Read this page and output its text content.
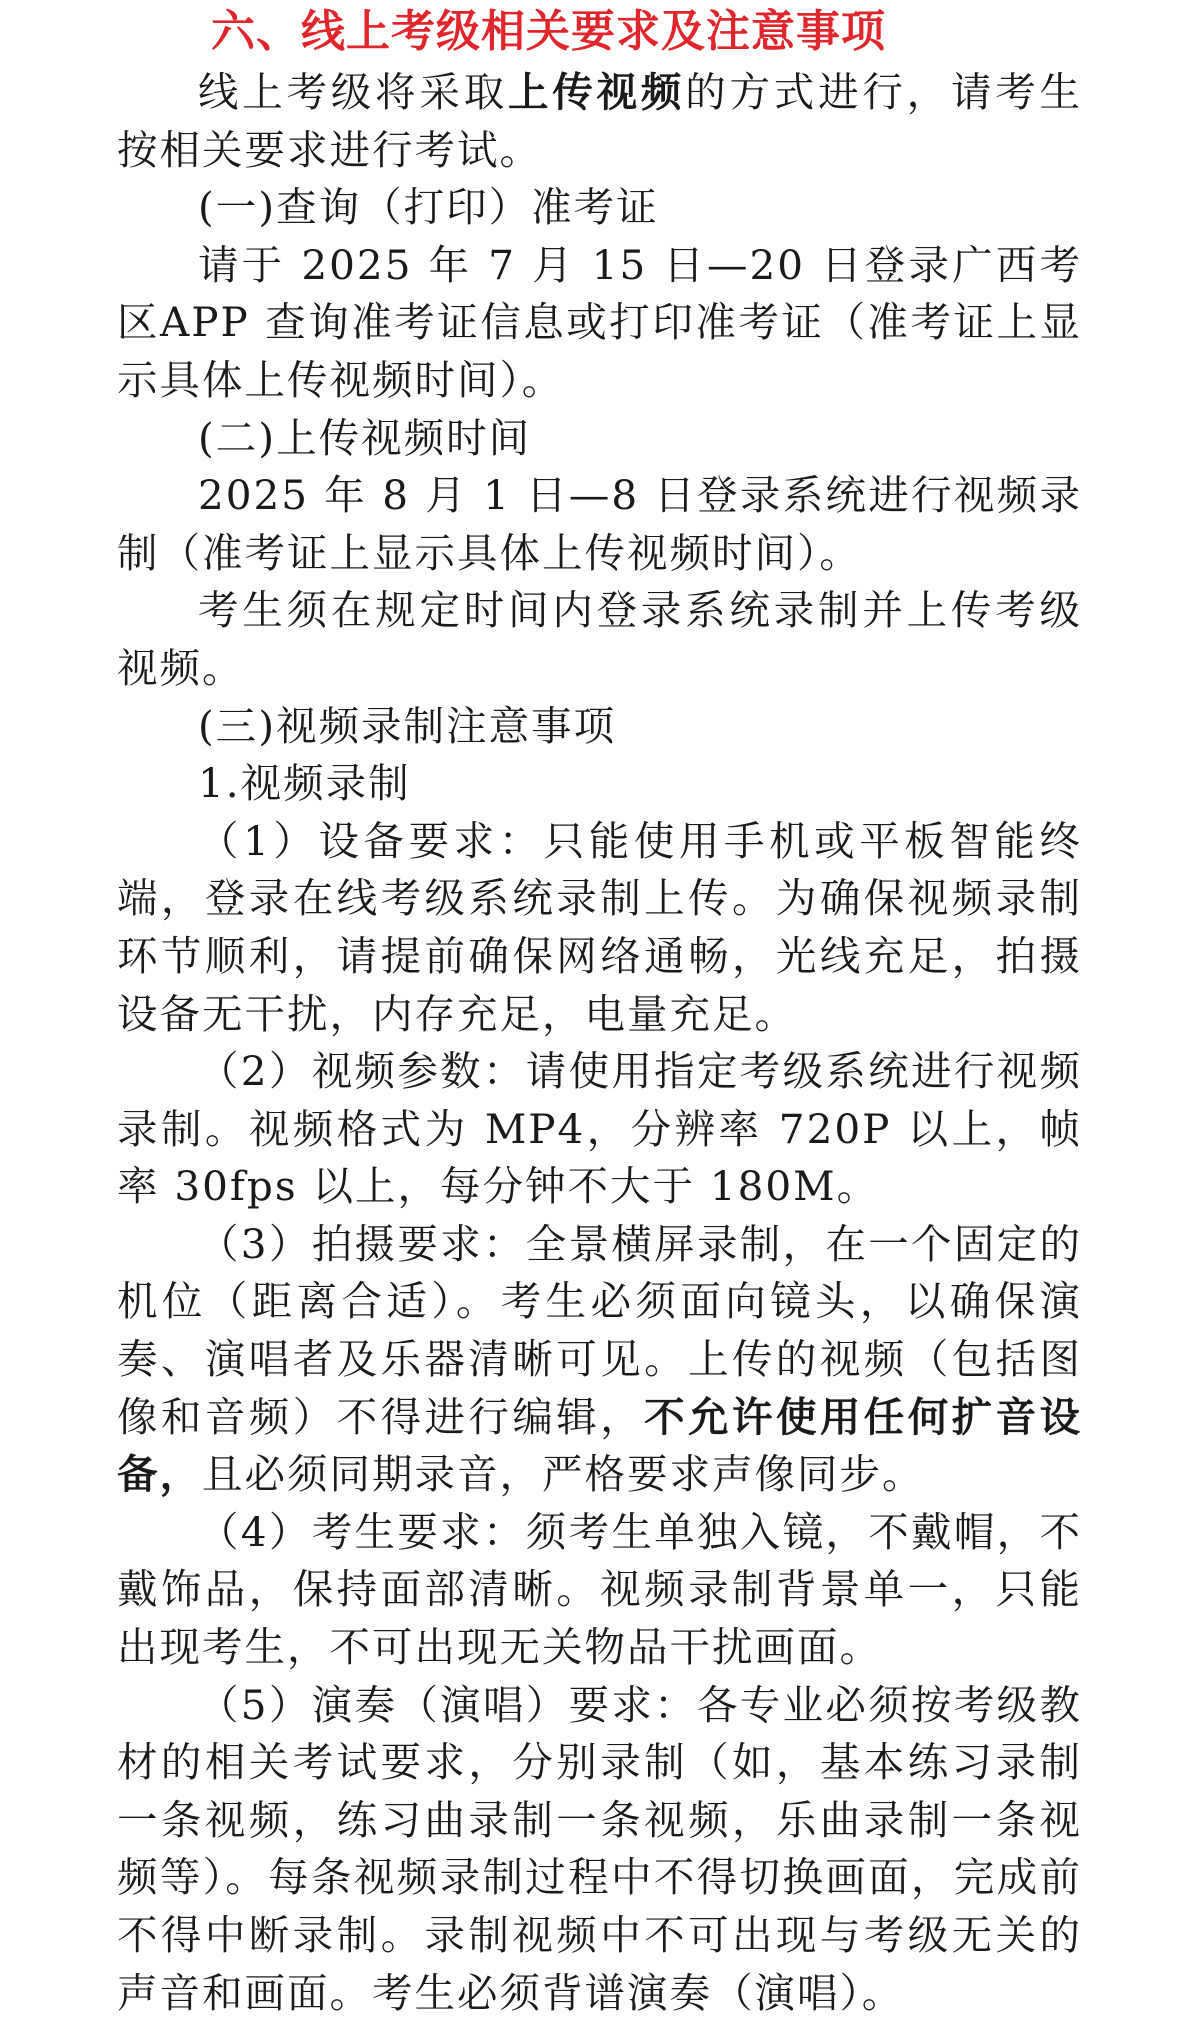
六、线上考级相关要求及注意事项

线上考级将采取上传视频的方式进行，请考生按相关要求进行考试。

(一)查询（打印）准考证

请于 2025 年 7 月 15 日—20 日登录广西考区APP 查询准考证信息或打印准考证（准考证上显示具体上传视频时间）。

(二)上传视频时间

2025 年 8 月 1 日—8 日登录系统进行视频录制（准考证上显示具体上传视频时间）。

考生须在规定时间内登录系统录制并上传考级视频。

(三)视频录制注意事项

1.视频录制

（1）设备要求：只能使用手机或平板智能终端，登录在线考级系统录制上传。为确保视频录制环节顺利，请提前确保网络通畅，光线充足，拍摄设备无干扰，内存充足，电量充足。

（2）视频参数：请使用指定考级系统进行视频录制。视频格式为 MP4，分辨率 720P 以上，帧率 30fps 以上，每分钟不大于 180M。

（3）拍摄要求：全景横屏录制，在一个固定的机位（距离合适）。考生必须面向镜头，以确保演奏、演唱者及乐器清晰可见。上传的视频（包括图像和音频）不得进行编辑，不允许使用任何扩音设备，且必须同期录音，严格要求声像同步。

（4）考生要求：须考生单独入镜，不戴帽，不戴饰品，保持面部清晰。视频录制背景单一，只能出现考生，不可出现无关物品干扰画面。

（5）演奏（演唱）要求：各专业必须按考级教材的相关考试要求，分别录制（如，基本练习录制一条视频，练习曲录制一条视频，乐曲录制一条视频等）。每条视频录制过程中不得切换画面，完成前不得中断录制。录制视频中不可出现与考级无关的声音和画面。考生必须背谱演奏（演唱）。
